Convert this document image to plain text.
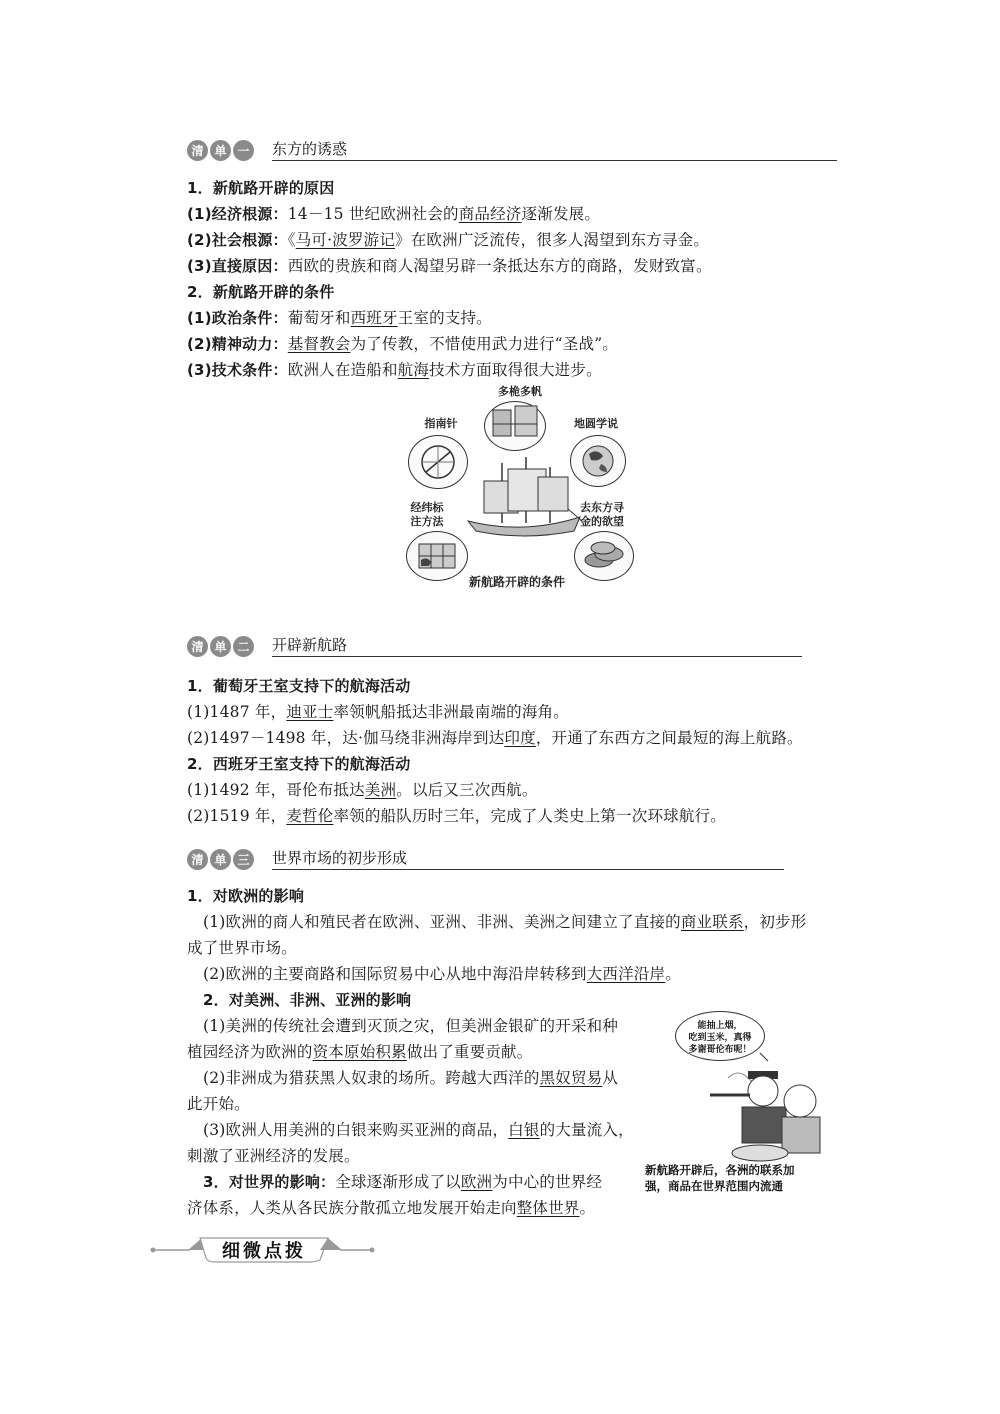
清 单 一	东方的诱惑
1．新航路开辟的原因
(1)经济根源：14－15 世纪欧洲社会的商品经济逐渐发展。
(2)社会根源：《马可·波罗游记》在欧洲广泛流传，很多人渴望到东方寻金。
(3)直接原因：西欧的贵族和商人渴望另辟一条抵达东方的商路，发财致富。
2．新航路开辟的条件
(1)政治条件：葡萄牙和西班牙王室的支持。
(2)精神动力：基督教会为了传教，不惜使用武力进行“圣战”。
(3)技术条件：欧洲人在造船和航海技术方面取得很大进步。
多桅多帆
指南针	地圆学说
经纬标
注方法
去东方寻
金的欲望
新航路开辟的条件
清 单 二	开辟新航路
1．葡萄牙王室支持下的航海活动
(1)1487 年，迪亚士率领帆船抵达非洲最南端的海角。
(2)1497－1498 年，达·伽马绕非洲海岸到达印度，开通了东西方之间最短的海上航路。
2．西班牙王室支持下的航海活动
(1)1492 年，哥伦布抵达美洲。以后又三次西航。
(2)1519 年，麦哲伦率领的船队历时三年，完成了人类史上第一次环球航行。
清 单 三	世界市场的初步形成
1．对欧洲的影响
(1)欧洲的商人和殖民者在欧洲、亚洲、非洲、美洲之间建立了直接的商业联系，初步形
成了世界市场。
(2)欧洲的主要商路和国际贸易中心从地中海沿岸转移到大西洋沿岸。
2．对美洲、非洲、亚洲的影响
(1)美洲的传统社会遭到灭顶之灾，但美洲金银矿的开采和种
植园经济为欧洲的资本原始积累做出了重要贡献。
(2)非洲成为猎获黑人奴隶的场所。跨越大西洋的黑奴贸易从
此开始。
(3)欧洲人用美洲的白银来购买亚洲的商品，白银的大量流入，
刺激了亚洲经济的发展。
3．对世界的影响：全球逐渐形成了以欧洲为中心的世界经
济体系，人类从各民族分散孤立地发展开始走向整体世界。
能抽上烟，
吃到玉米，真得
多谢哥伦布呢！
新航路开辟后，各洲的联系加
强，商品在世界范围内流通
细微点拨
